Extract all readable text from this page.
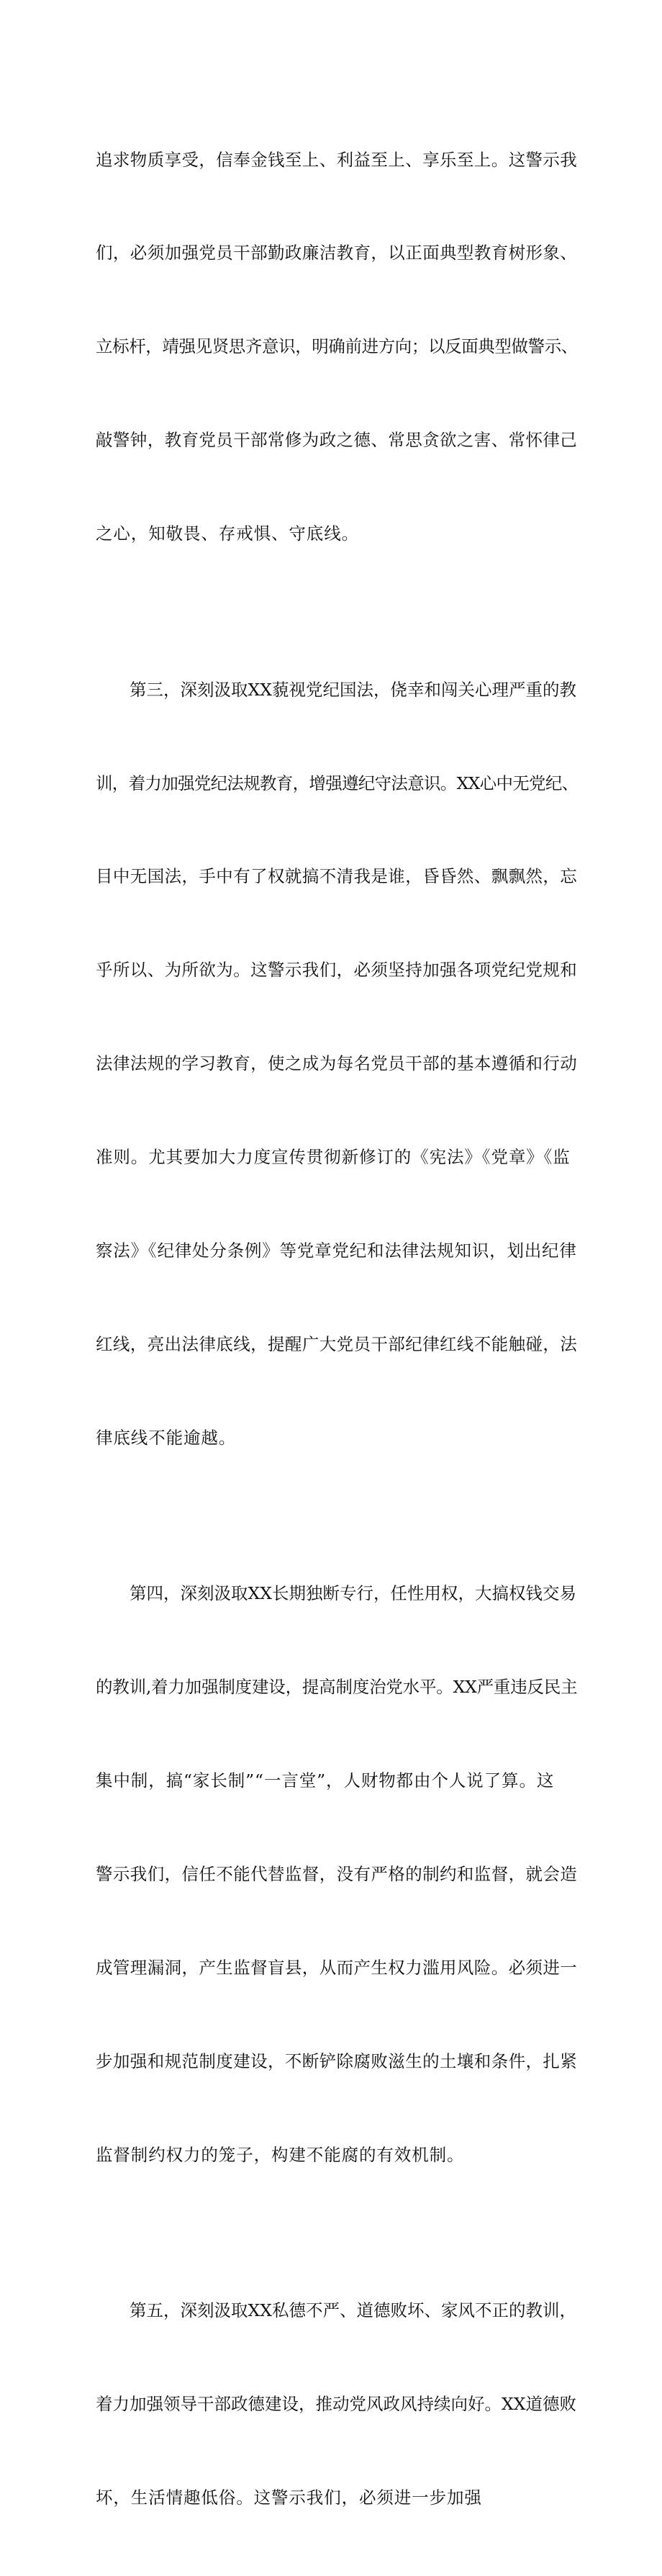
追求物质享受，信奉金钱至上、利益至上、享乐至上。这警示我

们，必须加强党员干部勤政廉洁教育，以正面典型教育树形象、

立标杆，靖强见贤思齐意识，明确前进方向；以反面典型做警示、

敲警钟，教育党员干部常修为政之德、常思贪欲之害、常怀律己

之心，知敬畏、存戒惧、守底线。

　　第三，深刻汲取XX藐视党纪国法，侥幸和闯关心理严重的教

训，着力加强党纪法规教育，增强遵纪守法意识。XX心中无党纪、

目中无国法，手中有了权就搞不清我是谁，昏昏然、飘飘然，忘

乎所以、为所欲为。这警示我们，必须坚持加强各项党纪党规和

法律法规的学习教育，使之成为每名党员干部的基本遵循和行动

准则。尤其要加大力度宣传贯彻新修订的《宪法》《党章》《监

察法》《纪律处分条例》等党章党纪和法律法规知识，划出纪律

红线，亮出法律底线，提醒广大党员干部纪律红线不能触碰，法

律底线不能逾越。

　　第四，深刻汲取XX长期独断专行，任性用权，大搞权钱交易

的教训,着力加强制度建设，提高制度治党水平。XX严重违反民主

集中制，搞“家长制”“一言堂”，人财物都由个人说了算。这

警示我们，信任不能代替监督，没有严格的制约和监督，就会造

成管理漏洞，产生监督盲县，从而产生权力滥用风险。必须进一

步加强和规范制度建设，不断铲除腐败滋生的土壤和条件，扎紧

监督制约权力的笼子，构建不能腐的有效机制。

　　第五，深刻汲取XX私德不严、道德败坏、家风不正的教训，

着力加强领导干部政德建设，推动党风政风持续向好。XX道德败

坏，生活情趣低俗。这警示我们，必须进一步加强
